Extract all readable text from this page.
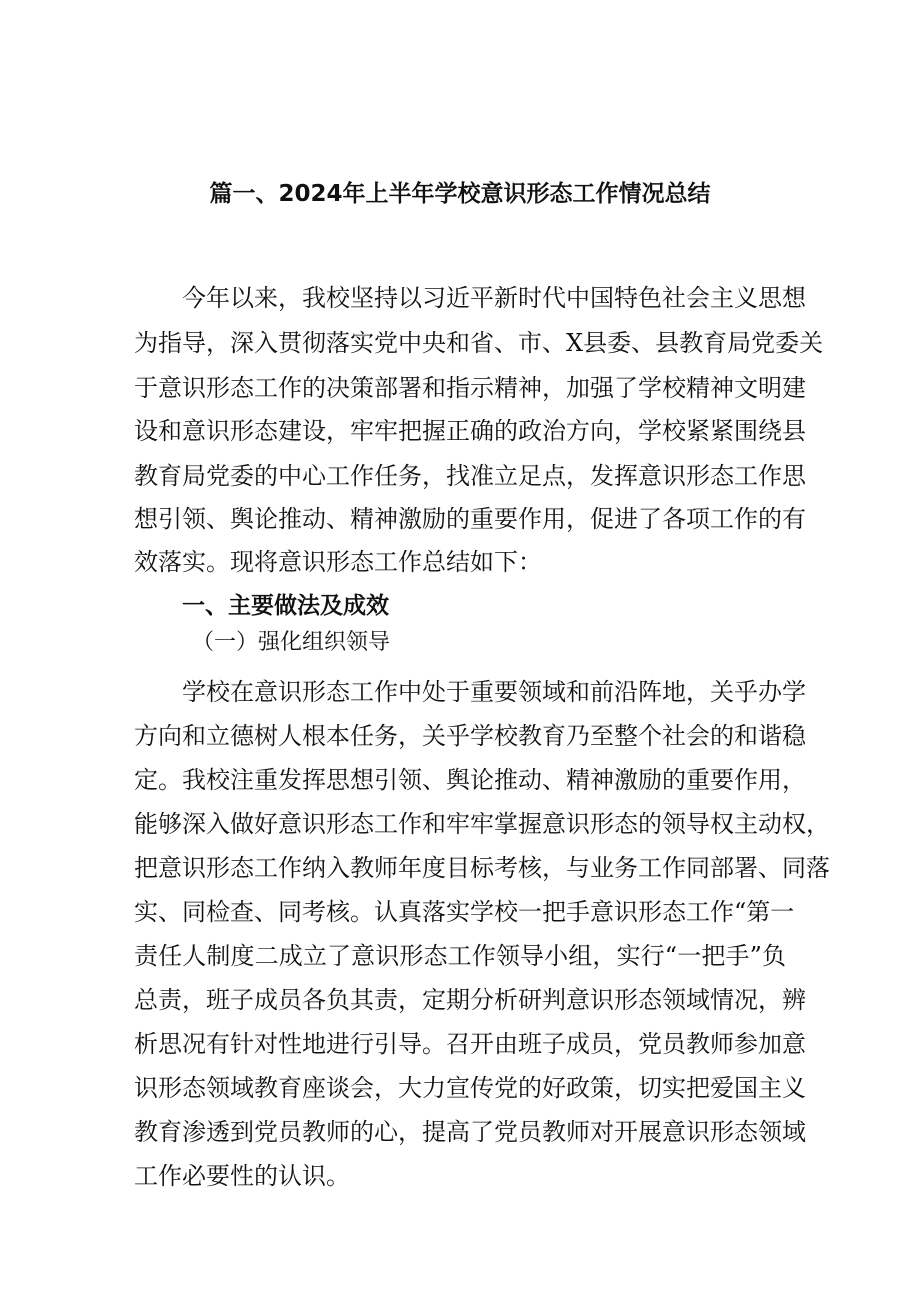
篇一、2024年上半年学校意识形态工作情况总结
今年以来，我校坚持以习近平新时代中国特色社会主义思想
为指导，深入贯彻落实党中央和省、市、X县委、县教育局党委关
于意识形态工作的决策部署和指示精神，加强了学校精神文明建
设和意识形态建设，牢牢把握正确的政治方向，学校紧紧围绕县
教育局党委的中心工作任务，找准立足点，发挥意识形态工作思
想引领、舆论推动、精神激励的重要作用，促进了各项工作的有
效落实。现将意识形态工作总结如下：
一、主要做法及成效
（一）强化组织领导
学校在意识形态工作中处于重要领域和前沿阵地，关乎办学
方向和立德树人根本任务，关乎学校教育乃至整个社会的和谐稳
定。我校注重发挥思想引领、舆论推动、精神激励的重要作用，
能够深入做好意识形态工作和牢牢掌握意识形态的领导权主动权，
把意识形态工作纳入教师年度目标考核，与业务工作同部署、同落
实、同检查、同考核。认真落实学校一把手意识形态工作“第一
责任人制度二成立了意识形态工作领导小组，实行“一把手”负
总责，班子成员各负其责，定期分析研判意识形态领域情况，辨
析思况有针对性地进行引导。召开由班子成员，党员教师参加意
识形态领域教育座谈会，大力宣传党的好政策，切实把爱国主义
教育渗透到党员教师的心，提高了党员教师对开展意识形态领域
工作必要性的认识。
